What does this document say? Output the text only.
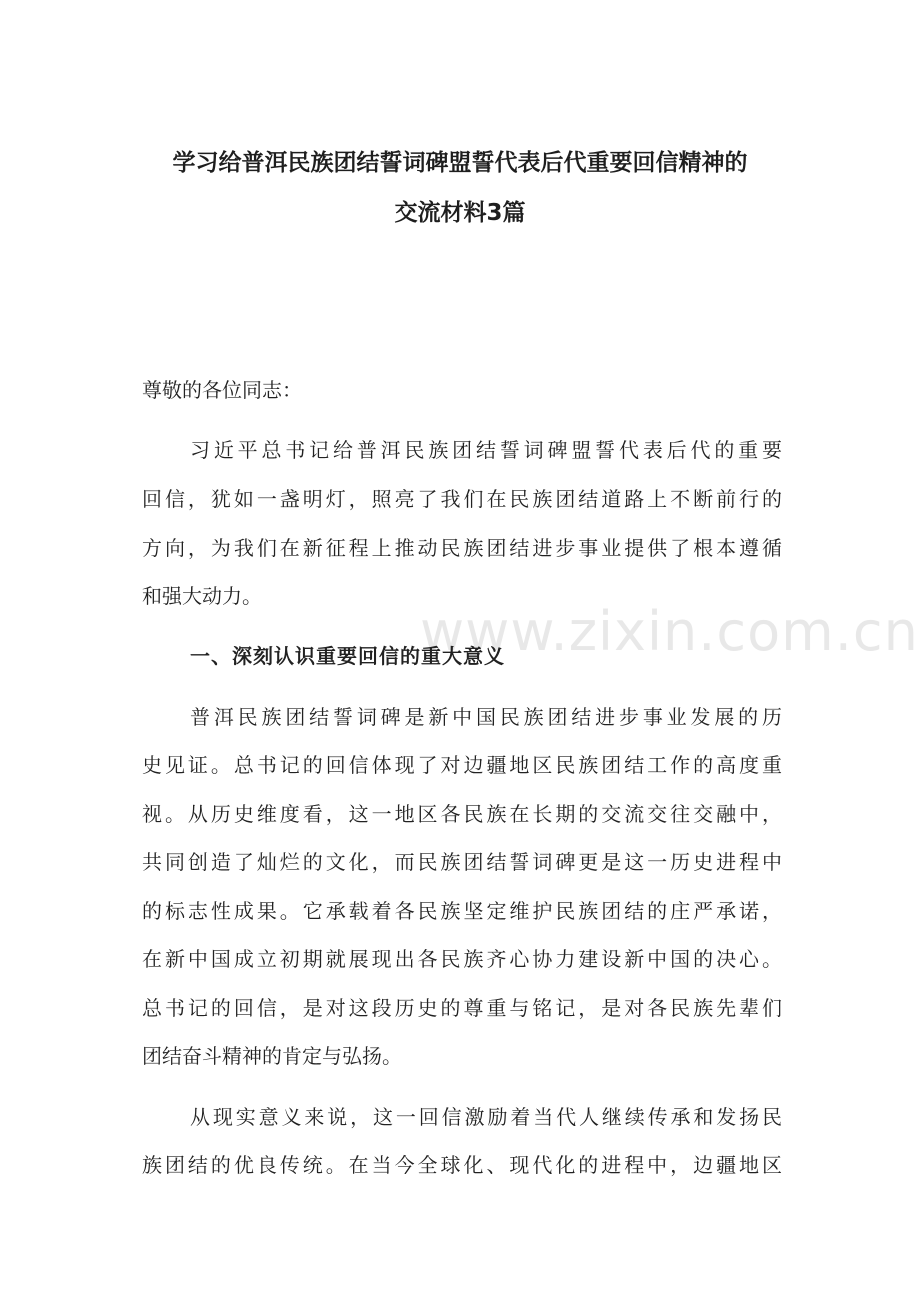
www.zixin.com.cn
学习给普洱民族团结誓词碑盟誓代表后代重要回信精神的
交流材料3篇
尊敬的各位同志：
习近平总书记给普洱民族团结誓词碑盟誓代表后代的重要
回信，犹如一盏明灯，照亮了我们在民族团结道路上不断前行的
方向，为我们在新征程上推动民族团结进步事业提供了根本遵循
和强大动力。
一、深刻认识重要回信的重大意义
普洱民族团结誓词碑是新中国民族团结进步事业发展的历
史见证。总书记的回信体现了对边疆地区民族团结工作的高度重
视。从历史维度看，这一地区各民族在长期的交流交往交融中，
共同创造了灿烂的文化，而民族团结誓词碑更是这一历史进程中
的标志性成果。它承载着各民族坚定维护民族团结的庄严承诺，
在新中国成立初期就展现出各民族齐心协力建设新中国的决心。
总书记的回信，是对这段历史的尊重与铭记，是对各民族先辈们
团结奋斗精神的肯定与弘扬。
从现实意义来说，这一回信激励着当代人继续传承和发扬民
族团结的优良传统。在当今全球化、现代化的进程中，边疆地区
